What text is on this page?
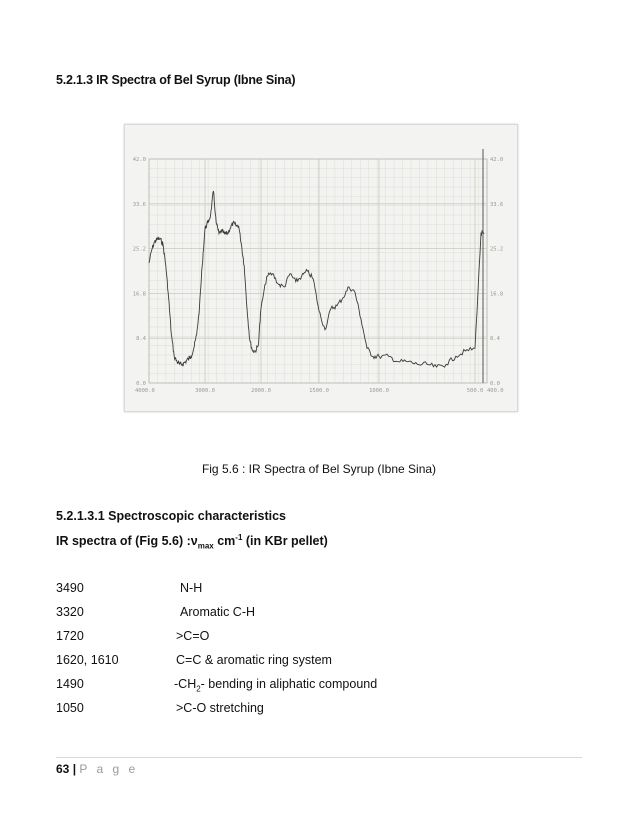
5.2.1.3 IR Spectra of Bel Syrup (Ibne Sina)
42.0
33.6
25.2
16.8
8.4
0.0
42.0
33.6
25.2
16.8
8.4
0.0
4000.0	3000.0	2000.0	1500.0	1000.0	500.0 400.0
Fig 5.6 : IR Spectra of Bel Syrup (Ibne Sina)
5.2.1.3.1 Spectroscopic characteristics
IR spectra of (Fig 5.6) $:\nu_{max}$ $cm^{-1}$ (in KBr pellet)
3490	N-H
3320	Aromatic C-H
1720	>C=O
1620, 1610	C=C & aromatic ring system
1490	$-CH_2-$ bending in aliphatic compound
1050	>C-O stretching
63 | P a g e
